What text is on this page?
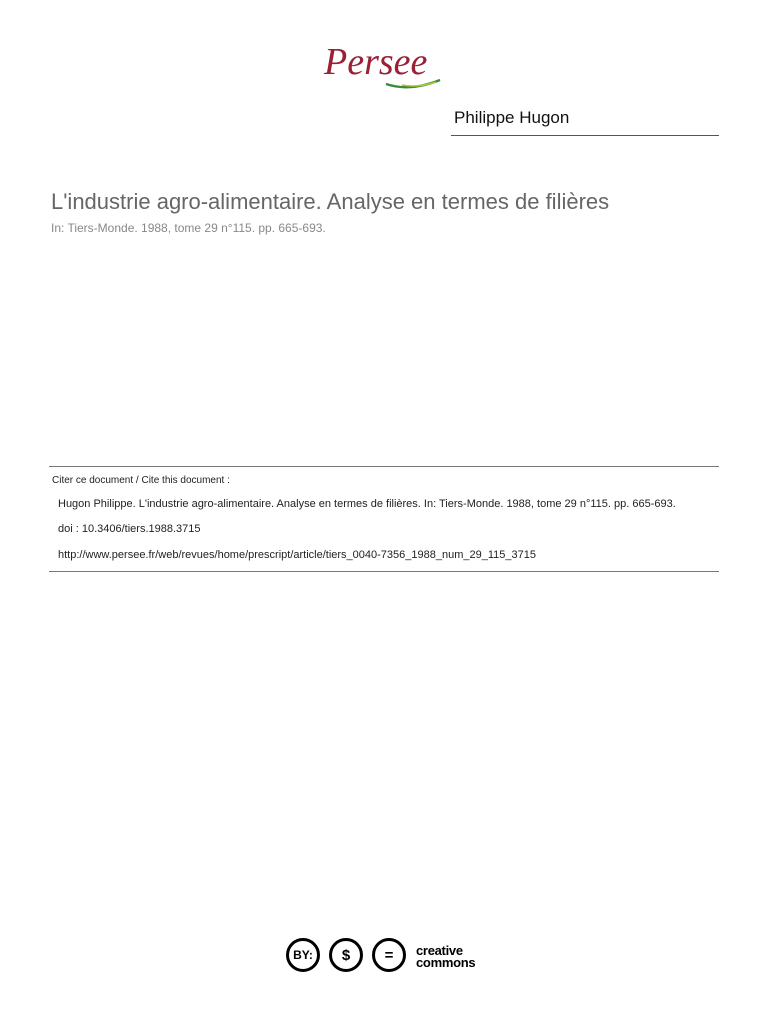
Persee
Philippe Hugon
L'industrie agro-alimentaire. Analyse en termes de filières
In: Tiers-Monde. 1988, tome 29 n°115. pp. 665-693.
Citer ce document / Cite this document :
Hugon Philippe. L'industrie agro-alimentaire. Analyse en termes de filières. In: Tiers-Monde. 1988, tome 29 n°115. pp. 665-693.
doi : 10.3406/tiers.1988.3715
http://www.persee.fr/web/revues/home/prescript/article/tiers_0040-7356_1988_num_29_115_3715
BY:	$	=	creative
commons
